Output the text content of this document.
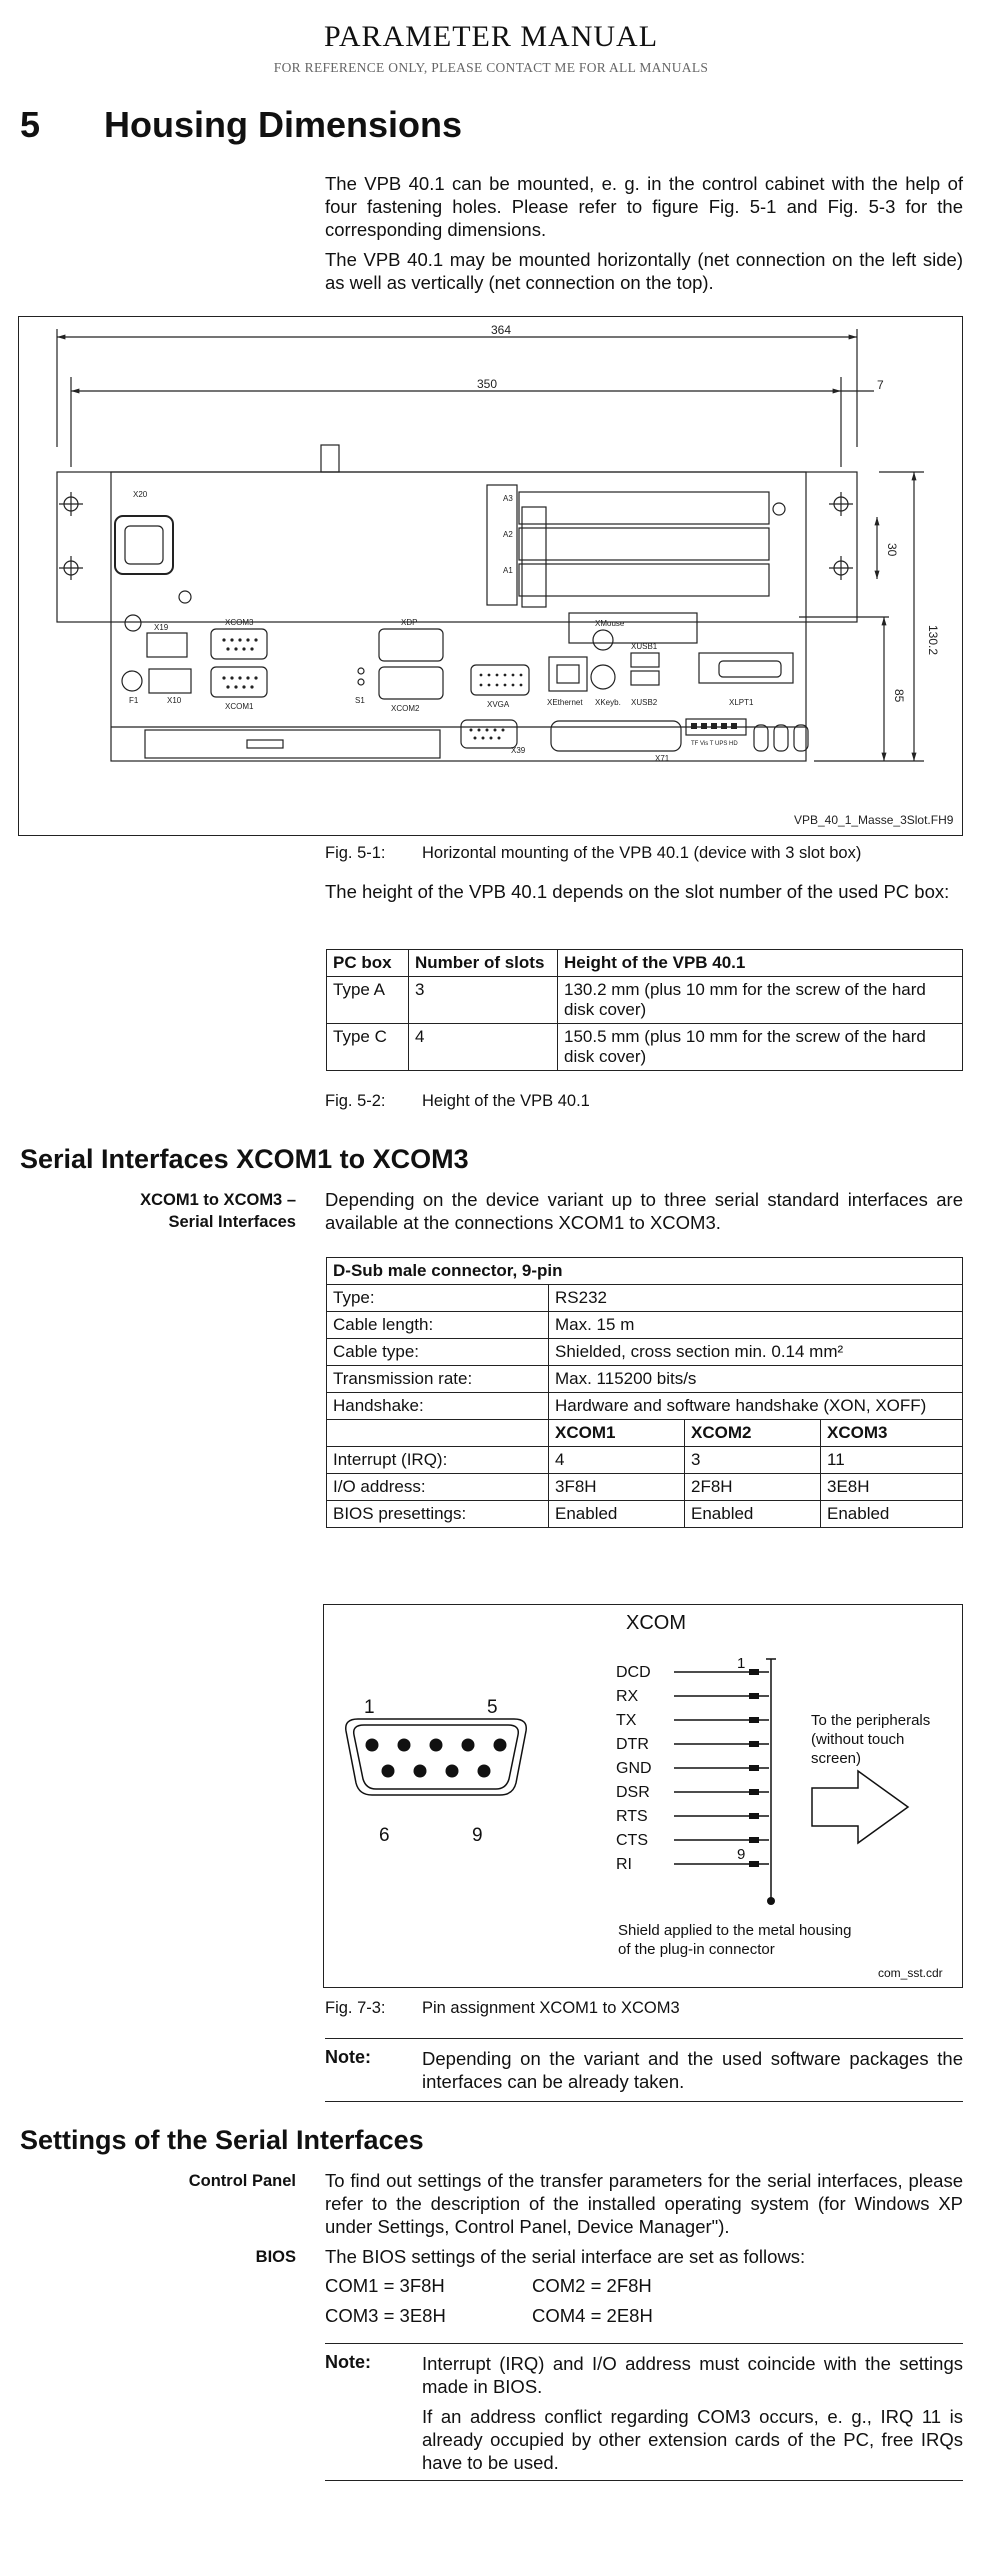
PARAMETER MANUAL
FOR REFERENCE ONLY, PLEASE CONTACT ME FOR ALL MANUALS
5 Housing Dimensions
The VPB 40.1 can be mounted, e. g. in the control cabinet with the help of four fastening holes. Please refer to figure Fig. 5-1 and Fig. 5-3 for the corresponding dimensions.
The VPB 40.1 may be mounted horizontally (net connection on the left side) as well as vertically (net connection on the top).
364
350	7
130.2
85
30
X20
X19
X10
F1	S1
XCOM3
XCOM1
XDP
XCOM2	XVGA	XEthernet XKeyb.
XMouse
XUSB1
XUSB2	XLPT1
X39
X71
TF Vis T UPS HD
A3
A2
A1
VPB_40_1_Masse_3Slot.FH9
Fig. 5-1: Horizontal mounting of the VPB 40.1 (device with 3 slot box)
The height of the VPB 40.1 depends on the slot number of the used PC box:
PC box	Number of slots	Height of the VPB 40.1
Type A	3	130.2 mm (plus 10 mm for the screw of the hard disk cover)
Type C	4	150.5 mm (plus 10 mm for the screw of the hard disk cover)
Fig. 5-2: Height of the VPB 40.1
Serial Interfaces XCOM1 to XCOM3
XCOM1 to XCOM3 –
Serial Interfaces
Depending on the device variant up to three serial standard interfaces are available at the connections XCOM1 to XCOM3.
D-Sub male connector, 9-pin			
Type:	RS232		
Cable length:	Max. 15 m		
Cable type:	Shielded, cross section min. 0.14 mm²		
Transmission rate:	Max. 115200 bits/s		
Handshake:	Hardware and software handshake (XON, XOFF)		
	XCOM1	XCOM2	XCOM3
Interrupt (IRQ):	4	3	11
I/O address:	3F8H	2F8H	3E8H
BIOS presettings:	Enabled	Enabled	Enabled
XCOM
1	5
6	9
DCD
RX
TX
DTR
GND
DSR
RTS
CTS
RI
1
9
To the peripherals
(without touch
screen)
Shield applied to the metal housing
of the plug-in connector
com_sst.cdr
Fig. 7-3: Pin assignment XCOM1 to XCOM3
Note:	Depending on the variant and the used software packages the interfaces can be already taken.
Settings of the Serial Interfaces
Control Panel To find out settings of the transfer parameters for the serial interfaces, please refer to the description of the installed operating system (for Windows XP under Settings, Control Panel, Device Manager").
BIOS The BIOS settings of the serial interface are set as follows:
COM1 = 3F8H	COM2 = 2F8H
COM3 = 3E8H	COM4 = 2E8H
Note:	Interrupt (IRQ) and I/O address must coincide with the settings made in BIOS.
If an address conflict regarding COM3 occurs, e. g., IRQ 11 is already occupied by other extension cards of the PC, free IRQs have to be used.
